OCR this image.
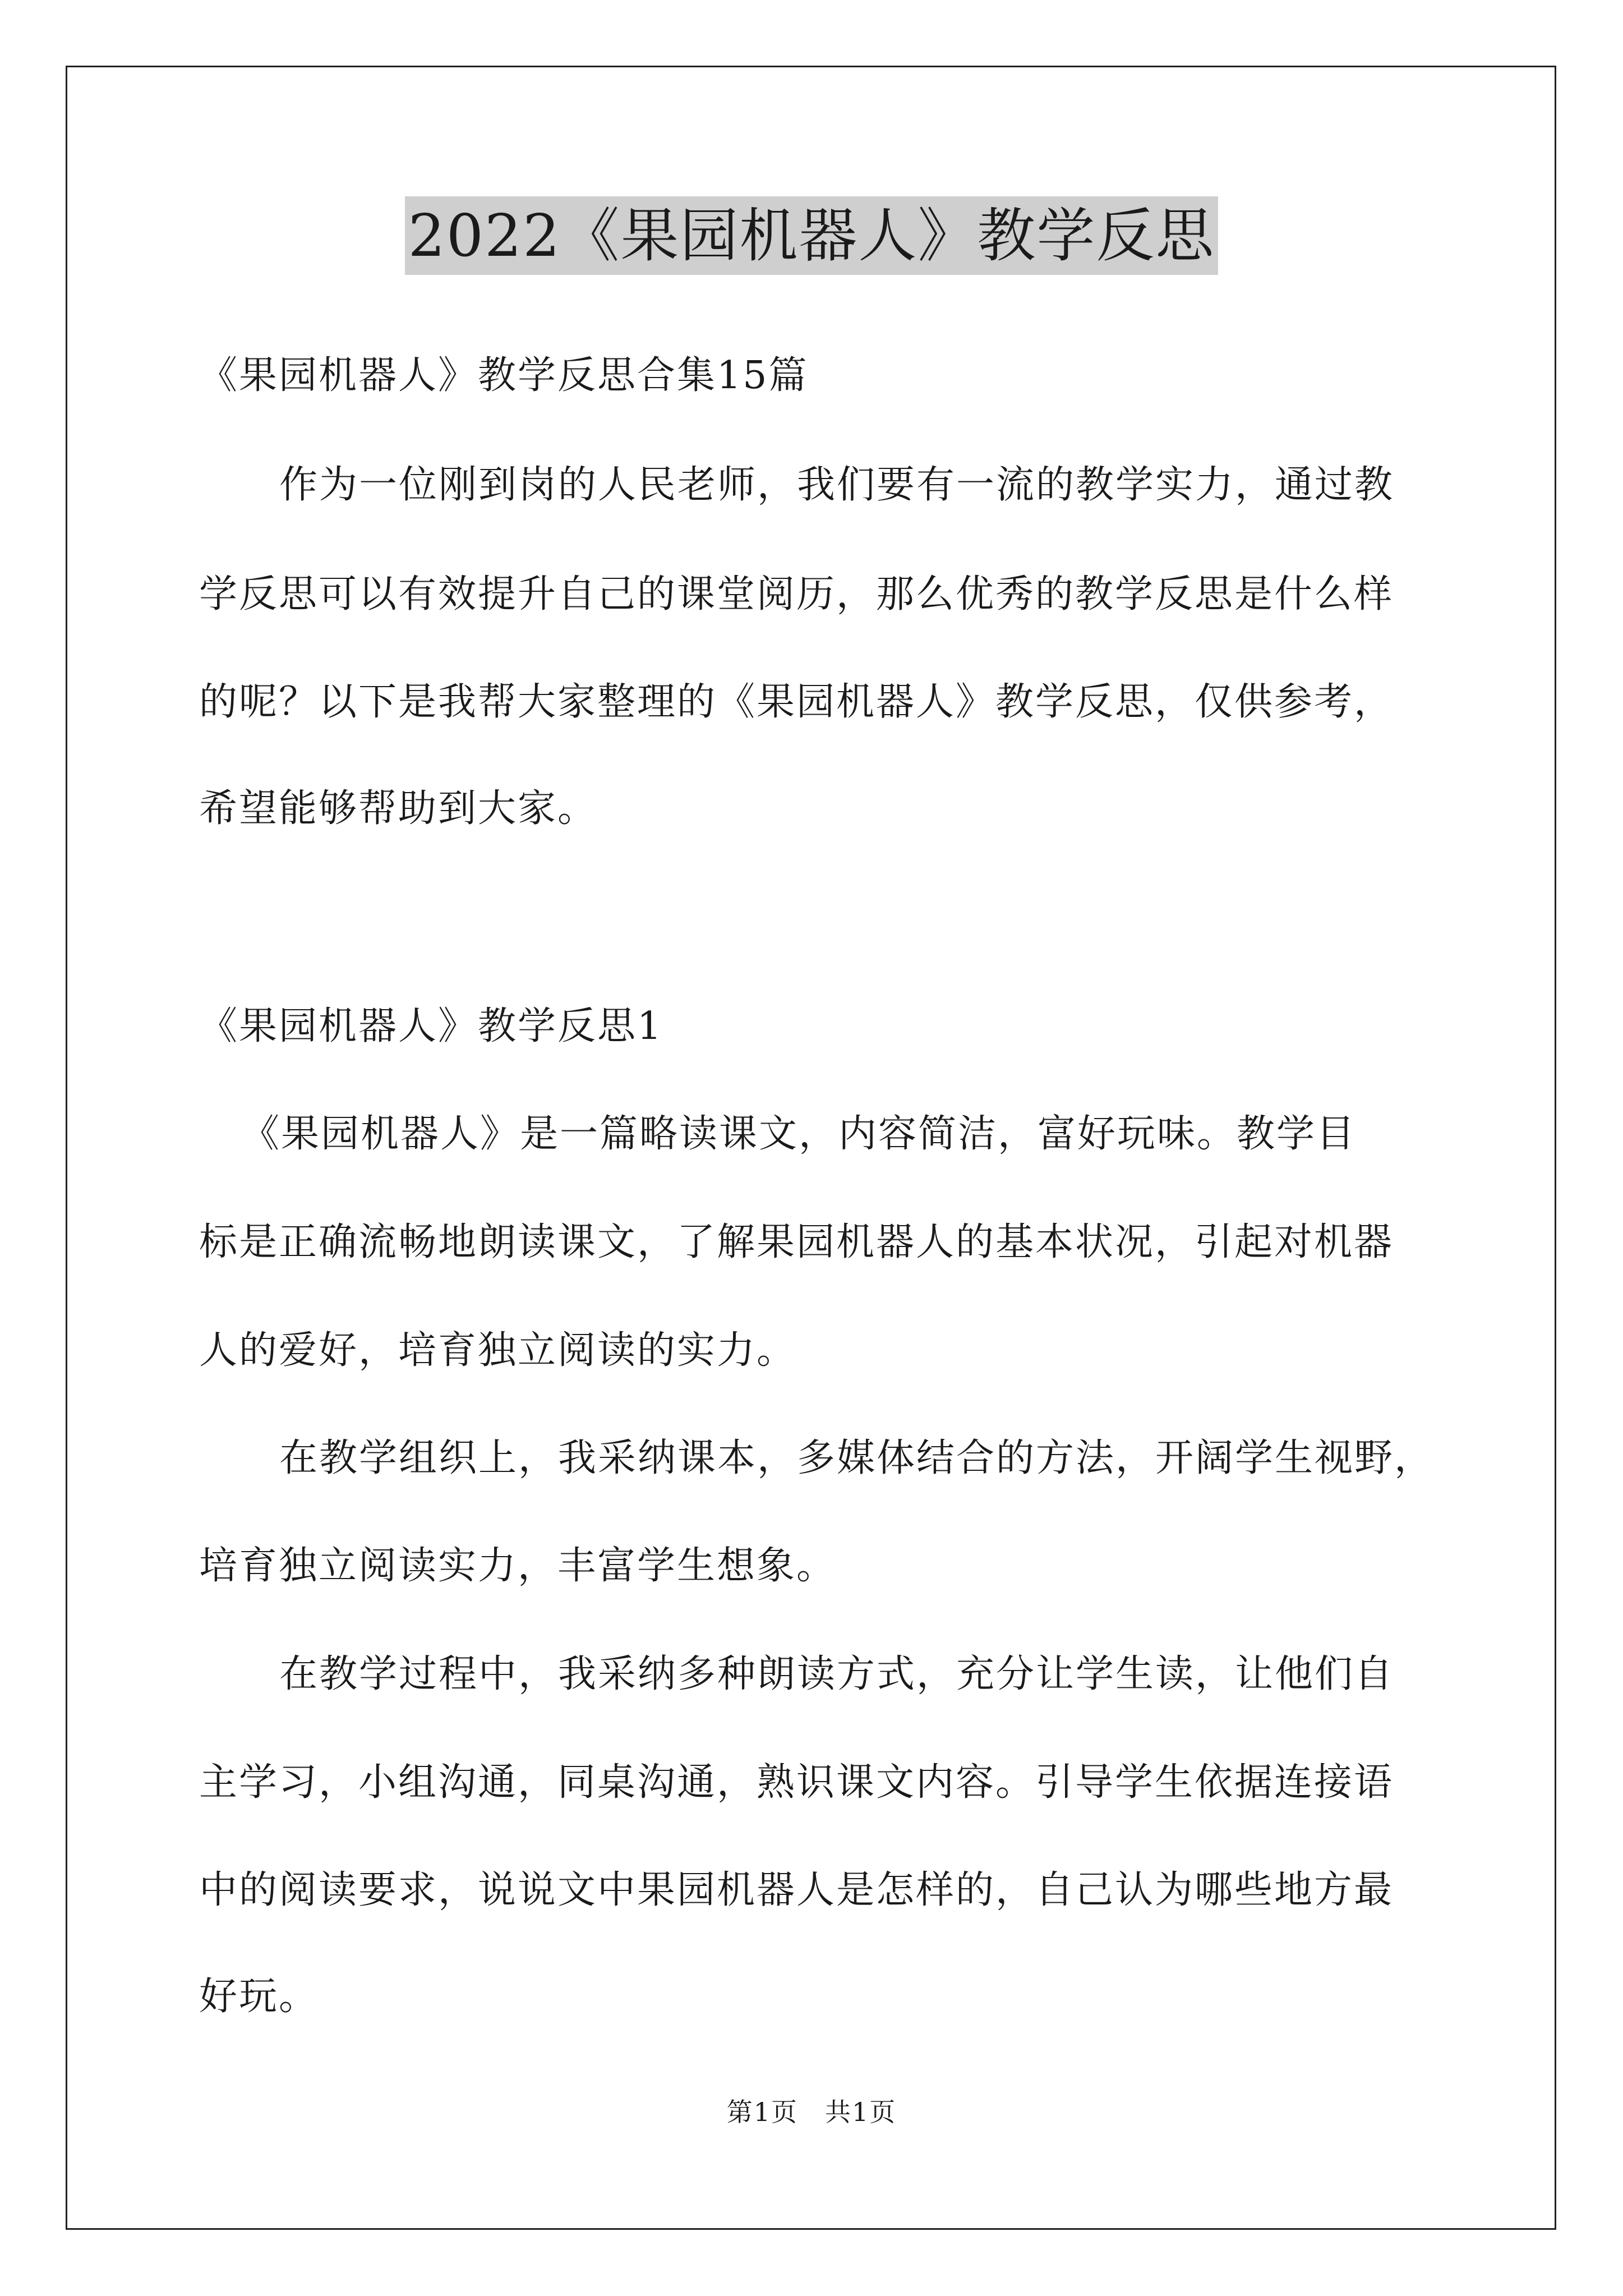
2022《果园机器人》教学反思

《果园机器人》教学反思合集15篇

作为一位刚到岗的人民老师，我们要有一流的教学实力，通过教

学反思可以有效提升自己的课堂阅历，那么优秀的教学反思是什么样

的呢？以下是我帮大家整理的《果园机器人》教学反思，仅供参考，

希望能够帮助到大家。

《果园机器人》教学反思1

《果园机器人》是一篇略读课文，内容简洁，富好玩味。教学目

标是正确流畅地朗读课文，了解果园机器人的基本状况，引起对机器

人的爱好，培育独立阅读的实力。

在教学组织上，我采纳课本，多媒体结合的方法，开阔学生视野，

培育独立阅读实力，丰富学生想象。

在教学过程中，我采纳多种朗读方式，充分让学生读，让他们自

主学习，小组沟通，同桌沟通，熟识课文内容。引导学生依据连接语

中的阅读要求，说说文中果园机器人是怎样的，自己认为哪些地方最

好玩。

第1页　共1页
